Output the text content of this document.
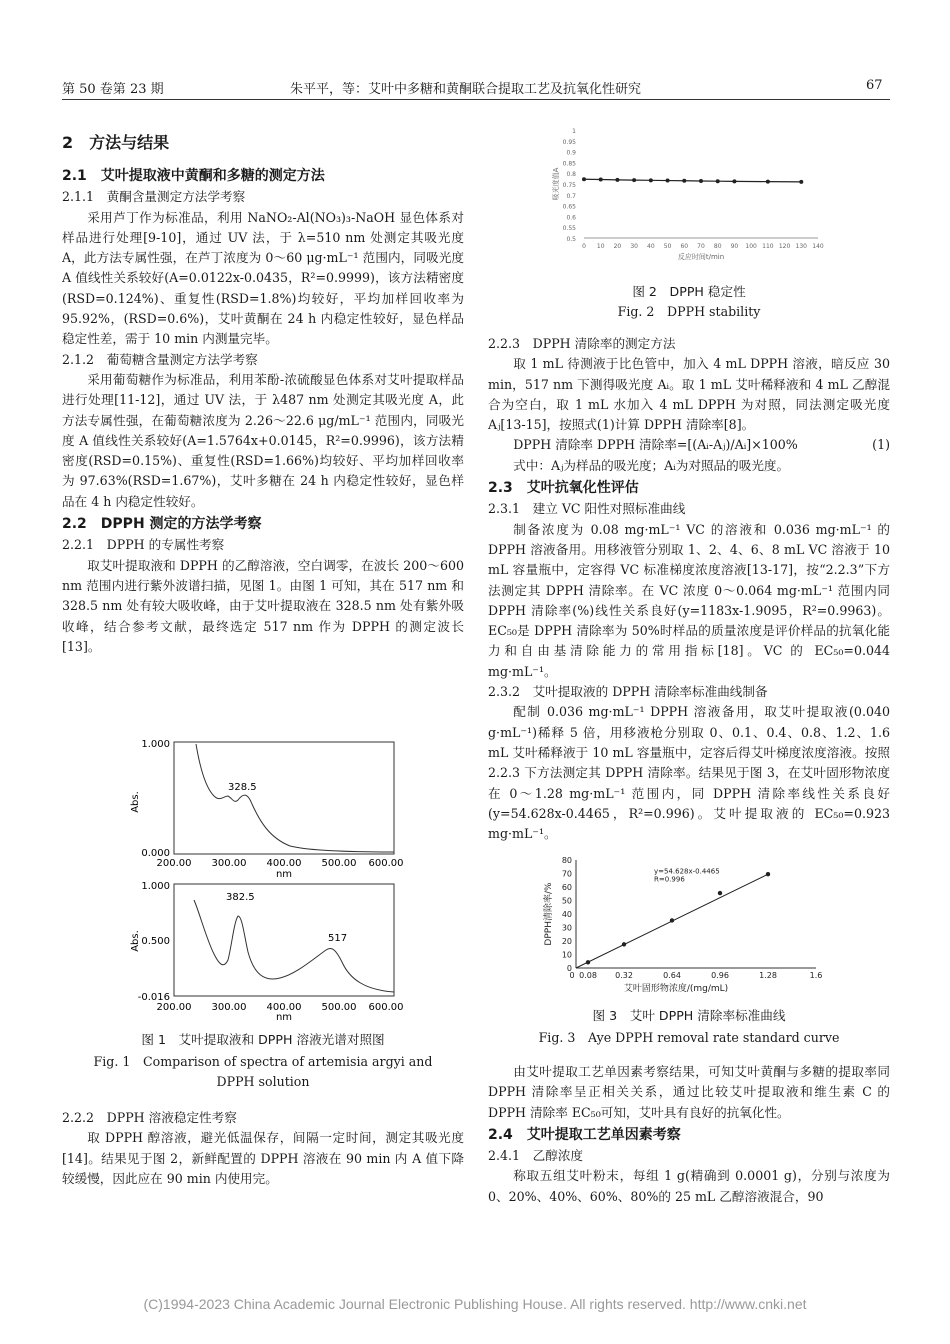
第 50 卷第 23 期	朱平平，等：艾叶中多糖和黄酮联合提取工艺及抗氧化性研究	67
2　方法与结果
2.1　艾叶提取液中黄酮和多糖的测定方法

2.1.1　黄酮含量测定方法学考察

采用芦丁作为标准品，利用 NaNO₂-Al(NO₃)₃-NaOH 显色体系对样品进行处理[9-10]，通过 UV 法，于 λ=510 nm 处测定其吸光度 A，此方法专属性强，在芦丁浓度为 0～60 μg·mL⁻¹ 范围内，同吸光度 A 值线性关系较好(A=0.0122x-0.0435，R²=0.9999)，该方法精密度(RSD=0.124%)、重复性(RSD=1.8%)均较好，平均加样回收率为 95.92%，(RSD=0.6%)，艾叶黄酮在 24 h 内稳定性较好，显色样品稳定性差，需于 10 min 内测量完毕。

2.1.2　葡萄糖含量测定方法学考察

采用葡萄糖作为标准品，利用苯酚-浓硫酸显色体系对艾叶提取样品进行处理[11-12]，通过 UV 法，于 λ487 nm 处测定其吸光度 A，此方法专属性强，在葡萄糖浓度为 2.26～22.6 μg/mL⁻¹ 范围内，同吸光度 A 值线性关系较好(A=1.5764x+0.0145，R²=0.9996)，该方法精密度(RSD=0.15%)、重复性(RSD=1.66%)均较好、平均加样回收率为 97.63%(RSD=1.67%)，艾叶多糖在 24 h 内稳定性较好，显色样品在 4 h 内稳定性较好。

2.2　DPPH 测定的方法学考察

2.2.1　DPPH 的专属性考察

取艾叶提取液和 DPPH 的乙醇溶液，空白调零，在波长 200～600 nm 范围内进行紫外波谱扫描，见图 1。由图 1 可知，其在 517 nm 和 328.5 nm 处有较大吸收峰，由于艾叶提取液在 328.5 nm 处有紫外吸收峰，结合参考文献，最终选定 517 nm 作为 DPPH 的测定波长[13]。

1.000
0.000
Abs.
200.00 300.00 400.00 500.00 600.00
nm
328.5
1.000
0.500
-0.016
Abs.
200.00 300.00 400.00 500.00 600.00
nm
382.5
517
图 1　艾叶提取液和 DPPH 溶液光谱对照图
Fig. 1　Comparison of spectra of artemisia argyi and
DPPH solution

2.2.2　DPPH 溶液稳定性考察

取 DPPH 醇溶液，避光低温保存，间隔一定时间，测定其吸光度[14]。结果见于图 2，新鲜配置的 DPPH 溶液在 90 min 内 A 值下降较缓慢，因此应在 90 min 内使用完。

1
0.95
0.9
0.85
0.8
0.75
0.7
0.65
0.6
0.55
0.5
0 10 20 30 40 50 60 70 80 90 100 110 120 130 140
反应时间t/min
吸光度值A
图 2　DPPH 稳定性
Fig. 2　DPPH stability

2.2.3　DPPH 清除率的测定方法

取 1 mL 待测液于比色管中，加入 4 mL DPPH 溶液，暗反应 30 min，517 nm 下测得吸光度 Aᵢ。取 1 mL 艾叶稀释液和 4 mL 乙醇混合为空白，取 1 mL 水加入 4 mL DPPH 为对照，同法测定吸光度 Aⱼ[13-15]，按照式(1)计算 DPPH 清除率[8]。

DPPH 清除率 DPPH 清除率=[(Aᵢ-Aⱼ)/Aᵢ]×100%	(1)

式中：Aⱼ为样品的吸光度；Aᵢ为对照品的吸光度。

2.3　艾叶抗氧化性评估

2.3.1　建立 VC 阳性对照标准曲线

制备浓度为 0.08 mg·mL⁻¹ VC 的溶液和 0.036 mg·mL⁻¹ 的 DPPH 溶液备用。用移液管分别取 1、2、4、6、8 mL VC 溶液于 10 mL 容量瓶中，定容得 VC 标准梯度浓度溶液[13-17]，按“2.2.3”下方法测定其 DPPH 清除率。在 VC 浓度 0～0.064 mg·mL⁻¹ 范围内同 DPPH 清除率(%)线性关系良好(y=1183x-1.9095，R²=0.9963)。EC₅₀是 DPPH 清除率为 50%时样品的质量浓度是评价样品的抗氧化能力和自由基清除能力的常用指标[18]。VC 的 EC₅₀=0.044 mg·mL⁻¹。

2.3.2　艾叶提取液的 DPPH 清除率标准曲线制备

配制 0.036 mg·mL⁻¹ DPPH 溶液备用，取艾叶提取液(0.040 g·mL⁻¹)稀释 5 倍，用移液枪分别取 0、0.1、0.4、0.8、1.2、1.6 mL 艾叶稀释液于 10 mL 容量瓶中，定容后得艾叶梯度浓度溶液。按照 2.2.3 下方法测定其 DPPH 清除率。结果见于图 3，在艾叶固形物浓度在 0～1.28 mg·mL⁻¹ 范围内，同 DPPH 清除率线性关系良好(y=54.628x-0.4465，R²=0.996)。艾叶提取液的 EC₅₀=0.923 mg·mL⁻¹。

0
10
20
30
40
50
60
70
80
0 0.08 0.32	0.64	0.96	1.28	1.6
艾叶固形物浓度/(mg/mL)
DPPH清除率/%
y=54.628x-0.4465
R=0.996
图 3　艾叶 DPPH 清除率标准曲线
Fig. 3　Aye DPPH removal rate standard curve

由艾叶提取工艺单因素考察结果，可知艾叶黄酮与多糖的提取率同 DPPH 清除率呈正相关关系，通过比较艾叶提取液和维生素 C 的 DPPH 清除率 EC₅₀可知，艾叶具有良好的抗氧化性。

2.4　艾叶提取工艺单因素考察

2.4.1　乙醇浓度

称取五组艾叶粉末，每组 1 g(精确到 0.0001 g)，分别与浓度为 0、20%、40%、60%、80%的 25 mL 乙醇溶液混合，90

(C)1994-2023 China Academic Journal Electronic Publishing House. All rights reserved. http://www.cnki.net
